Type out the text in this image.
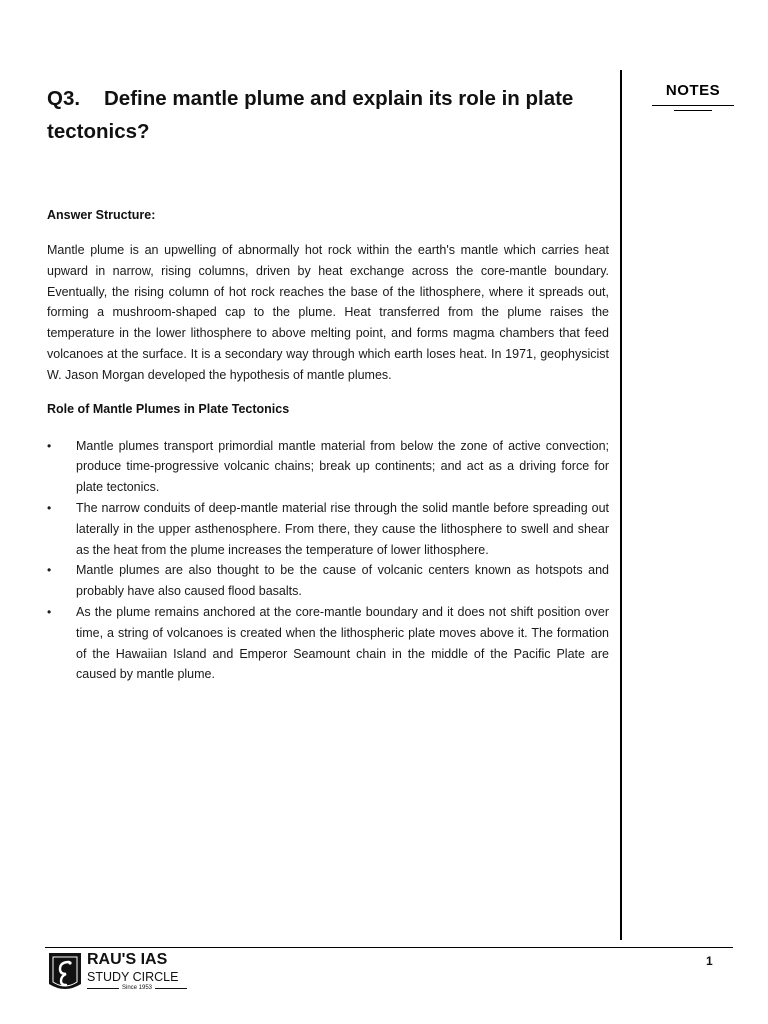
NOTES
Q3. Define mantle plume and explain its role in plate tectonics?
Answer Structure:
Mantle plume is an upwelling of abnormally hot rock within the earth's mantle which carries heat upward in narrow, rising columns, driven by heat exchange across the core-mantle boundary. Eventually, the rising column of hot rock reaches the base of the lithosphere, where it spreads out, forming a mushroom-shaped cap to the plume. Heat transferred from the plume raises the temperature in the lower lithosphere to above melting point, and forms magma chambers that feed volcanoes at the surface. It is a secondary way through which earth loses heat. In 1971, geophysicist W. Jason Morgan developed the hypothesis of mantle plumes.
Role of Mantle Plumes in Plate Tectonics
• Mantle plumes transport primordial mantle material from below the zone of active convection; produce time-progressive volcanic chains; break up continents; and act as a driving force for plate tectonics.
• The narrow conduits of deep-mantle material rise through the solid mantle before spreading out laterally in the upper asthenosphere. From there, they cause the lithosphere to swell and shear as the heat from the plume increases the temperature of lower lithosphere.
• Mantle plumes are also thought to be the cause of volcanic centers known as hotspots and probably have also caused flood basalts.
• As the plume remains anchored at the core-mantle boundary and it does not shift position over time, a string of volcanoes is created when the lithospheric plate moves above it. The formation of the Hawaiian Island and Emperor Seamount chain in the middle of the Pacific Plate are caused by mantle plume.
RAU'S IAS
STUDY CIRCLE
Since 1953
1
